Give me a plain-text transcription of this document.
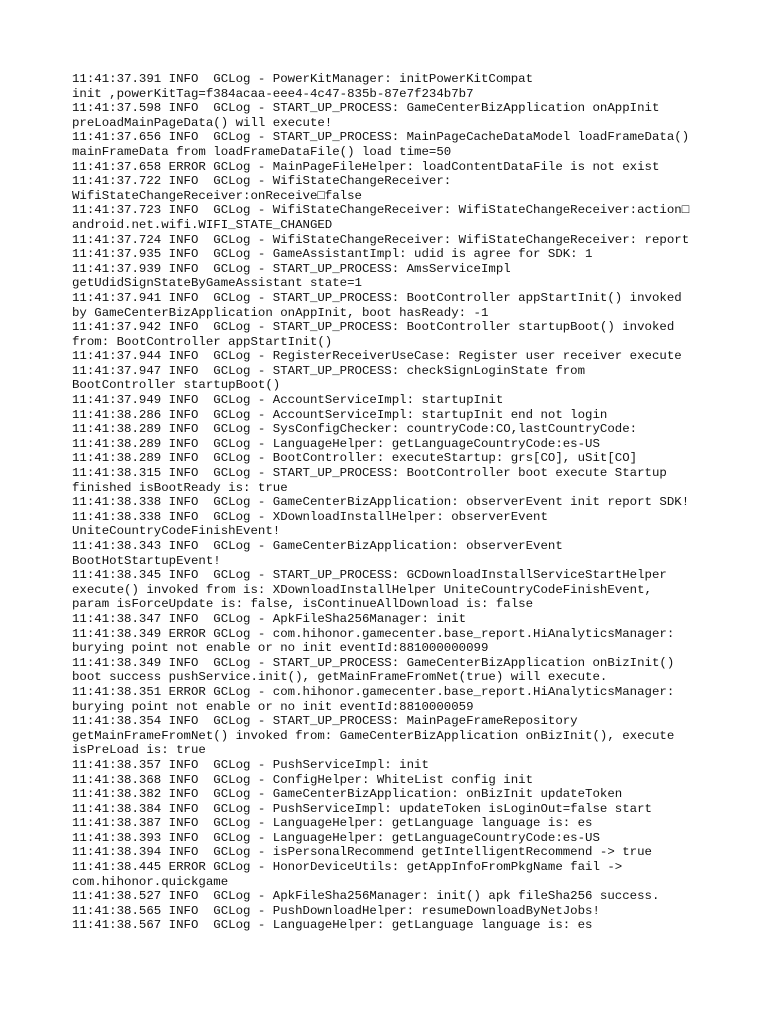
11:41:37.391 INFO  GCLog - PowerKitManager: initPowerKitCompat
init ,powerKitTag=f384acaa-eee4-4c47-835b-87e7f234b7b7
11:41:37.598 INFO  GCLog - START_UP_PROCESS: GameCenterBizApplication onAppInit
preLoadMainPageData() will execute!
11:41:37.656 INFO  GCLog - START_UP_PROCESS: MainPageCacheDataModel loadFrameData()
mainFrameData from loadFrameDataFile() load time=50
11:41:37.658 ERROR GCLog - MainPageFileHelper: loadContentDataFile is not exist
11:41:37.722 INFO  GCLog - WifiStateChangeReceiver:
WifiStateChangeReceiver:onReceive□false
11:41:37.723 INFO  GCLog - WifiStateChangeReceiver: WifiStateChangeReceiver:action□
android.net.wifi.WIFI_STATE_CHANGED
11:41:37.724 INFO  GCLog - WifiStateChangeReceiver: WifiStateChangeReceiver: report
11:41:37.935 INFO  GCLog - GameAssistantImpl: udid is agree for SDK: 1
11:41:37.939 INFO  GCLog - START_UP_PROCESS: AmsServiceImpl
getUdidSignStateByGameAssistant state=1
11:41:37.941 INFO  GCLog - START_UP_PROCESS: BootController appStartInit() invoked
by GameCenterBizApplication onAppInit, boot hasReady: -1
11:41:37.942 INFO  GCLog - START_UP_PROCESS: BootController startupBoot() invoked
from: BootController appStartInit()
11:41:37.944 INFO  GCLog - RegisterReceiverUseCase: Register user receiver execute
11:41:37.947 INFO  GCLog - START_UP_PROCESS: checkSignLoginState from
BootController startupBoot()
11:41:37.949 INFO  GCLog - AccountServiceImpl: startupInit
11:41:38.286 INFO  GCLog - AccountServiceImpl: startupInit end not login
11:41:38.289 INFO  GCLog - SysConfigChecker: countryCode:CO,lastCountryCode:
11:41:38.289 INFO  GCLog - LanguageHelper: getLanguageCountryCode:es-US
11:41:38.289 INFO  GCLog - BootController: executeStartup: grs[CO], uSit[CO]
11:41:38.315 INFO  GCLog - START_UP_PROCESS: BootController boot execute Startup
finished isBootReady is: true
11:41:38.338 INFO  GCLog - GameCenterBizApplication: observerEvent init report SDK!
11:41:38.338 INFO  GCLog - XDownloadInstallHelper: observerEvent
UniteCountryCodeFinishEvent!
11:41:38.343 INFO  GCLog - GameCenterBizApplication: observerEvent
BootHotStartupEvent!
11:41:38.345 INFO  GCLog - START_UP_PROCESS: GCDownloadInstallServiceStartHelper
execute() invoked from is: XDownloadInstallHelper UniteCountryCodeFinishEvent,
param isForceUpdate is: false, isContinueAllDownload is: false
11:41:38.347 INFO  GCLog - ApkFileSha256Manager: init
11:41:38.349 ERROR GCLog - com.hihonor.gamecenter.base_report.HiAnalyticsManager:
burying point not enable or no init eventId:881000000099
11:41:38.349 INFO  GCLog - START_UP_PROCESS: GameCenterBizApplication onBizInit()
boot success pushService.init(), getMainFrameFromNet(true) will execute.
11:41:38.351 ERROR GCLog - com.hihonor.gamecenter.base_report.HiAnalyticsManager:
burying point not enable or no init eventId:8810000059
11:41:38.354 INFO  GCLog - START_UP_PROCESS: MainPageFrameRepository
getMainFrameFromNet() invoked from: GameCenterBizApplication onBizInit(), execute
isPreLoad is: true
11:41:38.357 INFO  GCLog - PushServiceImpl: init
11:41:38.368 INFO  GCLog - ConfigHelper: WhiteList config init
11:41:38.382 INFO  GCLog - GameCenterBizApplication: onBizInit updateToken
11:41:38.384 INFO  GCLog - PushServiceImpl: updateToken isLoginOut=false start
11:41:38.387 INFO  GCLog - LanguageHelper: getLanguage language is: es
11:41:38.393 INFO  GCLog - LanguageHelper: getLanguageCountryCode:es-US
11:41:38.394 INFO  GCLog - isPersonalRecommend getIntelligentRecommend -> true
11:41:38.445 ERROR GCLog - HonorDeviceUtils: getAppInfoFromPkgName fail ->
com.hihonor.quickgame
11:41:38.527 INFO  GCLog - ApkFileSha256Manager: init() apk fileSha256 success.
11:41:38.565 INFO  GCLog - PushDownloadHelper: resumeDownloadByNetJobs!
11:41:38.567 INFO  GCLog - LanguageHelper: getLanguage language is: es
